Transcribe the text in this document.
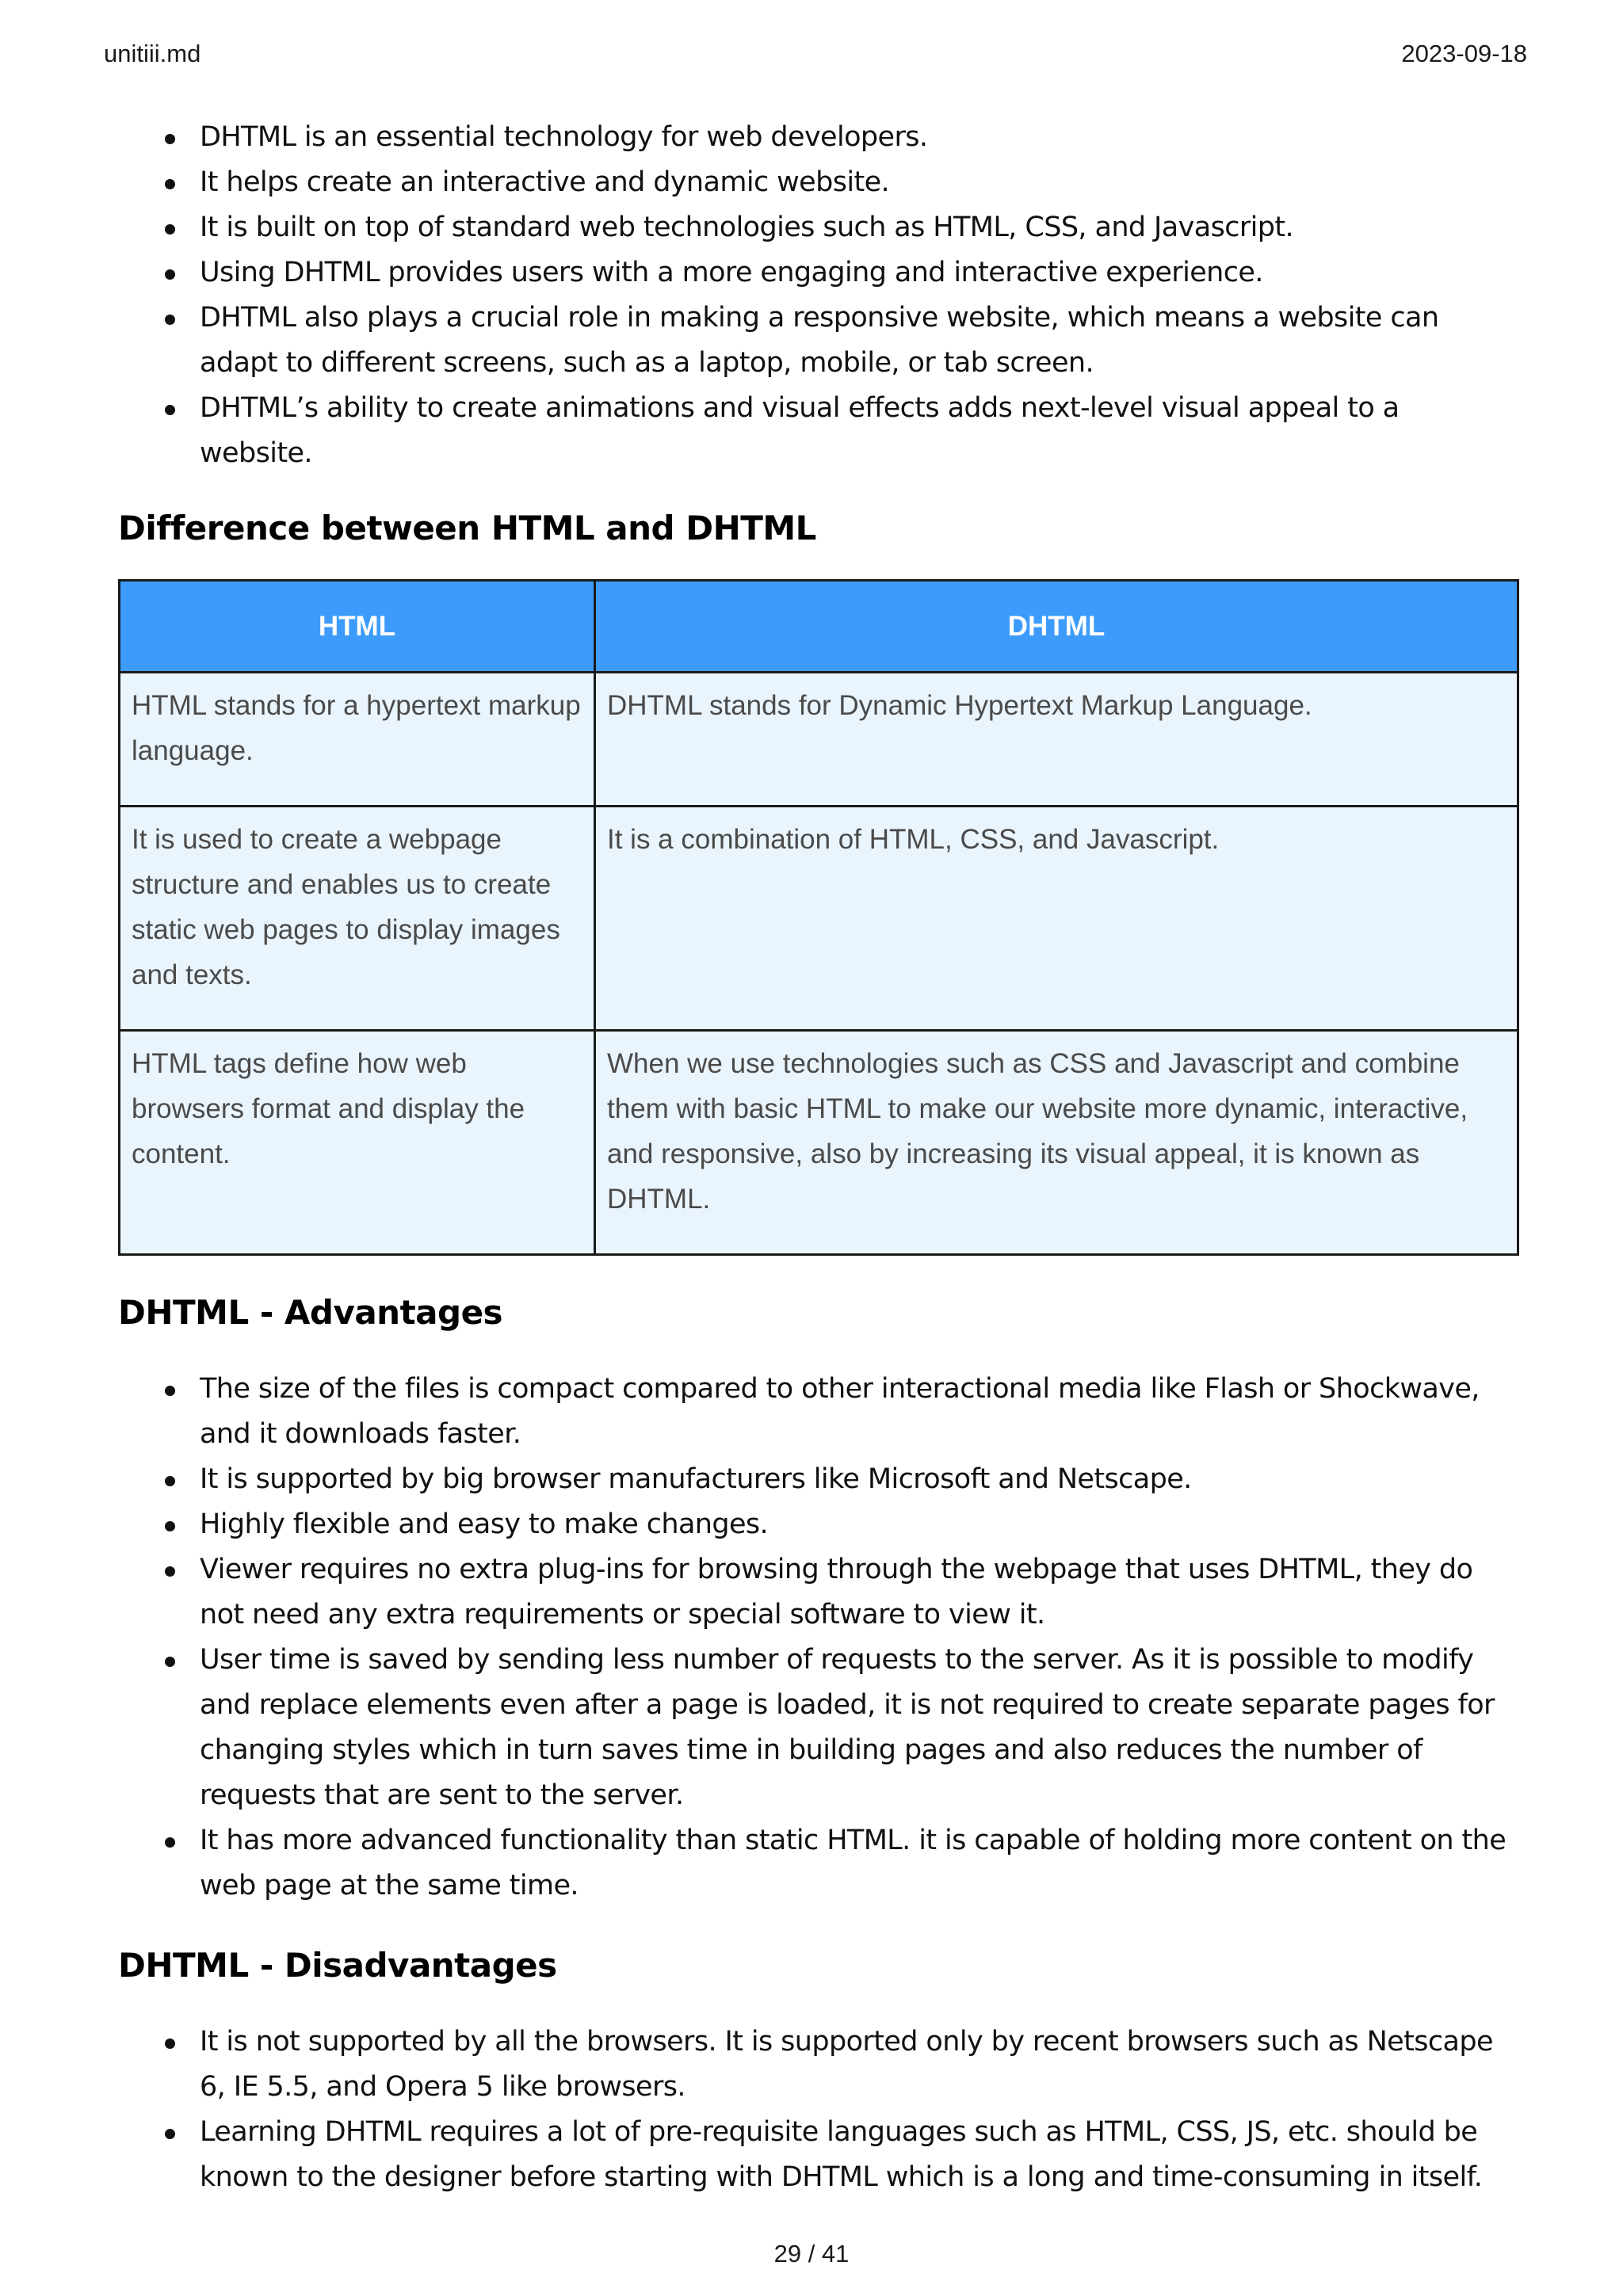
unitiii.md	2023-09-18
DHTML is an essential technology for web developers.
It helps create an interactive and dynamic website.
It is built on top of standard web technologies such as HTML, CSS, and Javascript.
Using DHTML provides users with a more engaging and interactive experience.
DHTML also plays a crucial role in making a responsive website, which means a website can adapt to different screens, such as a laptop, mobile, or tab screen.
DHTML’s ability to create animations and visual effects adds next-level visual appeal to a website.
Difference between HTML and DHTML
HTML	DHTML
HTML stands for a hypertext markup language.	DHTML stands for Dynamic Hypertext Markup Language.
It is used to create a webpage structure and enables us to create static web pages to display images and texts.	It is a combination of HTML, CSS, and Javascript.
HTML tags define how web browsers format and display the content.	When we use technologies such as CSS and Javascript and combine them with basic HTML to make our website more dynamic, interactive, and responsive, also by increasing its visual appeal, it is known as DHTML.
DHTML - Advantages
The size of the files is compact compared to other interactional media like Flash or Shockwave, and it downloads faster.
It is supported by big browser manufacturers like Microsoft and Netscape.
Highly flexible and easy to make changes.
Viewer requires no extra plug-ins for browsing through the webpage that uses DHTML, they do not need any extra requirements or special software to view it.
User time is saved by sending less number of requests to the server. As it is possible to modify and replace elements even after a page is loaded, it is not required to create separate pages for changing styles which in turn saves time in building pages and also reduces the number of requests that are sent to the server.
It has more advanced functionality than static HTML. it is capable of holding more content on the web page at the same time.
DHTML - Disadvantages
It is not supported by all the browsers. It is supported only by recent browsers such as Netscape 6, IE 5.5, and Opera 5 like browsers.
Learning DHTML requires a lot of pre-requisite languages such as HTML, CSS, JS, etc. should be known to the designer before starting with DHTML which is a long and time-consuming in itself.
29 / 41
